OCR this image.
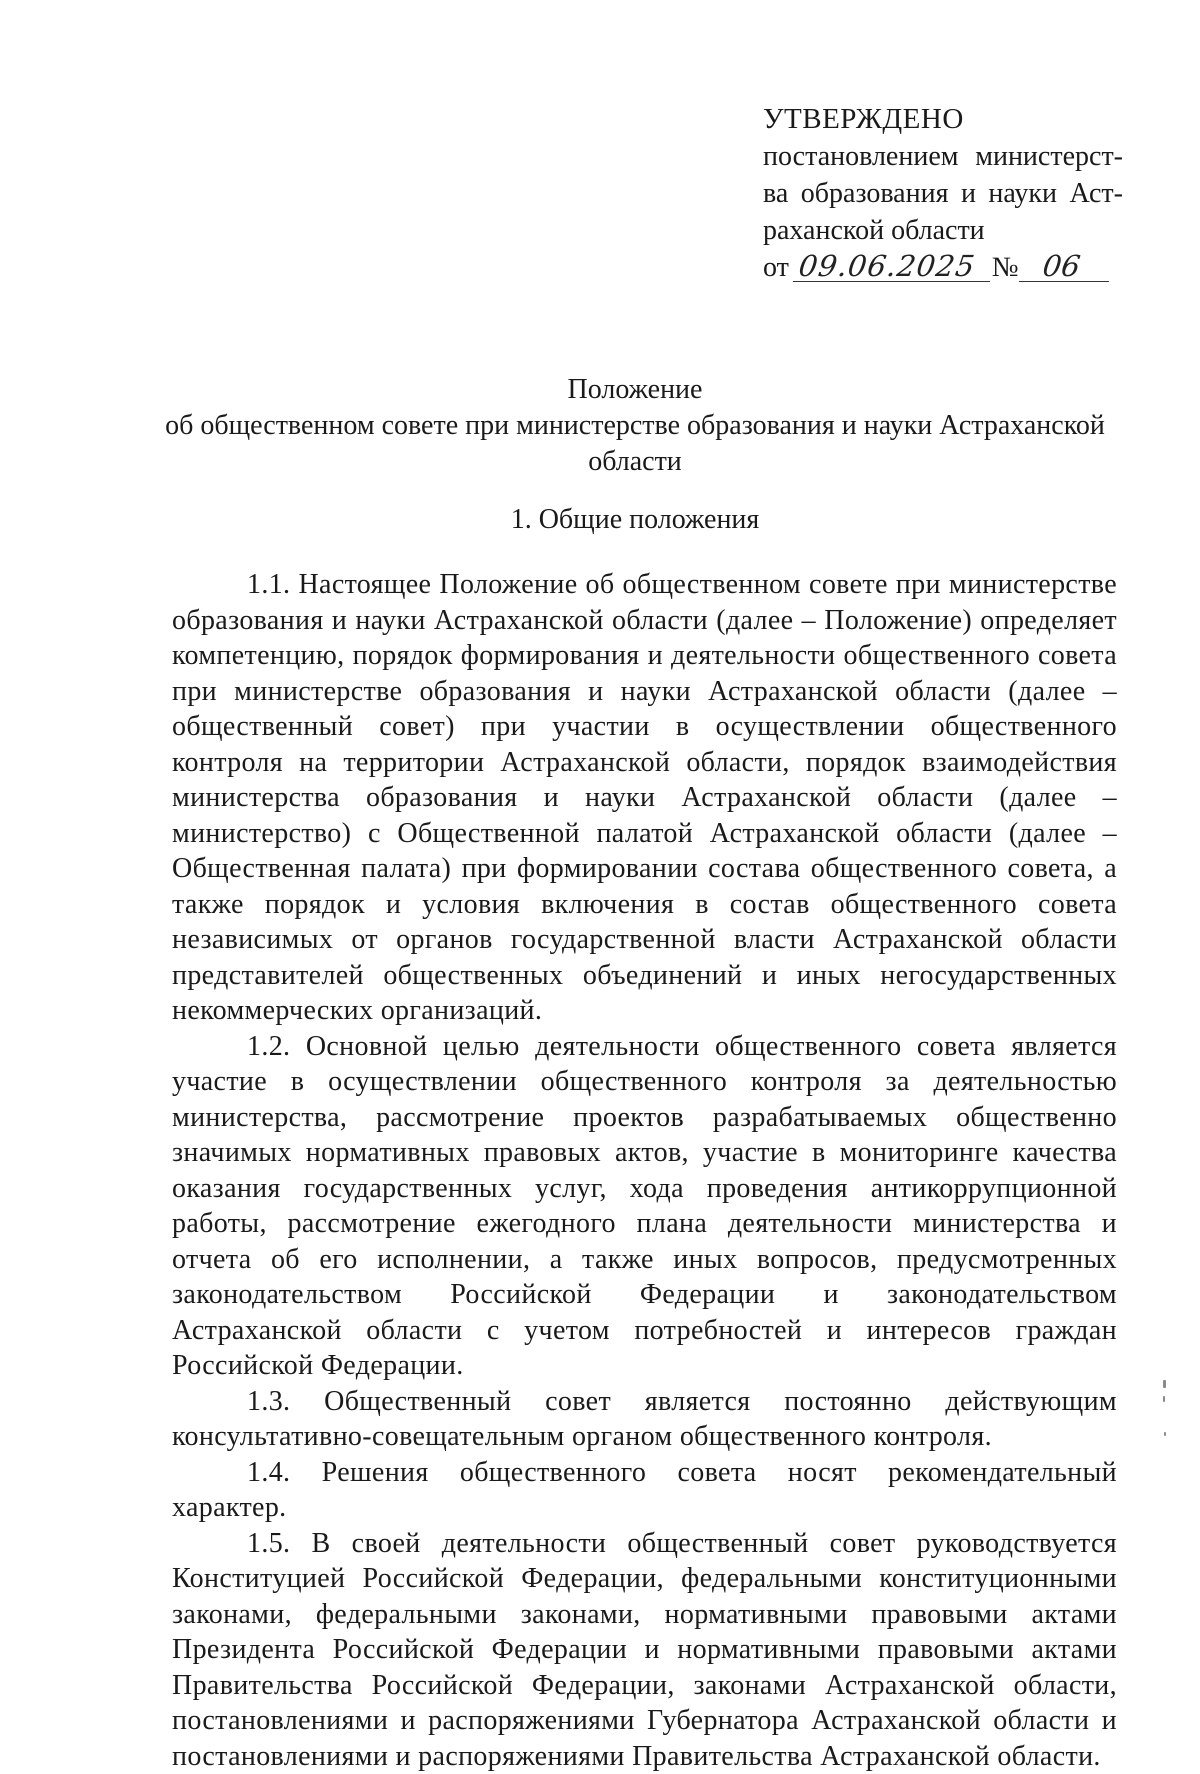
УТВЕРЖДЕНО
постановлением министерст-
ва образования и науки Аст-
раханской области
от 09.06.2025 № 06
Положение
об общественном совете при министерстве образования и науки Астраханской области
1. Общие положения

1.1. Настоящее Положение об общественном совете при министерстве образования и науки Астраханской области (далее – Положение) определяет компетенцию, порядок формирования и деятельности общественного совета при министерстве образования и науки Астраханской области (далее – общественный совет) при участии в осуществлении общественного контроля на территории Астраханской области, порядок взаимодействия министерства образования и науки Астраханской области (далее – министерство) с Общественной палатой Астраханской области (далее – Общественная палата) при формировании состава общественного совета, а также порядок и условия включения в состав общественного совета независимых от органов государственной власти Астраханской области представителей общественных объединений и иных негосударственных некоммерческих организаций.

1.2. Основной целью деятельности общественного совета является участие в осуществлении общественного контроля за деятельностью министерства, рассмотрение проектов разрабатываемых общественно значимых нормативных правовых актов, участие в мониторинге качества оказания государственных услуг, хода проведения антикоррупционной работы, рассмотрение ежегодного плана деятельности министерства и отчета об его исполнении, а также иных вопросов, предусмотренных законодательством Российской Федерации и законодательством Астраханской области с учетом потребностей и интересов граждан Российской Федерации.

1.3. Общественный совет является постоянно действующим консультативно-совещательным органом общественного контроля.

1.4. Решения общественного совета носят рекомендательный характер.

1.5. В своей деятельности общественный совет руководствуется Конституцией Российской Федерации, федеральными конституционными законами, федеральными законами, нормативными правовыми актами Президента Российской Федерации и нормативными правовыми актами Правительства Российской Федерации, законами Астраханской области, постановлениями и распоряжениями Губернатора Астраханской области и постановлениями и распоряжениями Правительства Астраханской области.
